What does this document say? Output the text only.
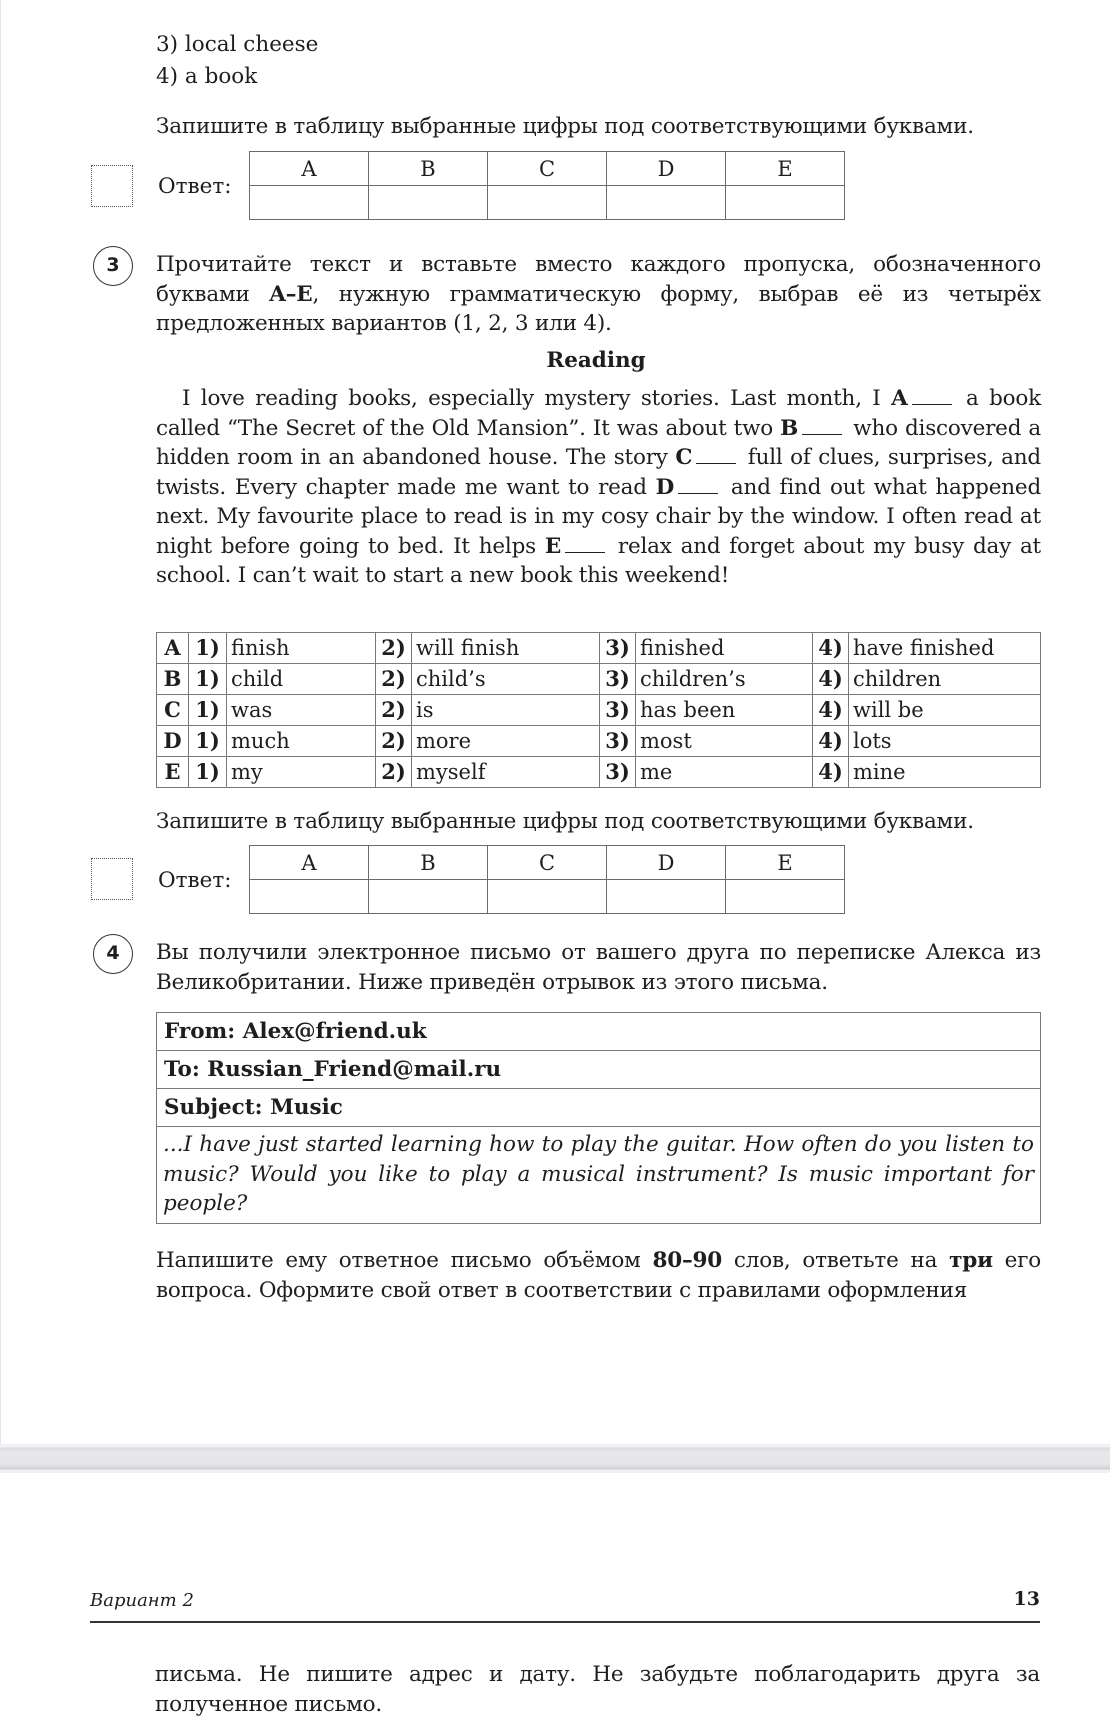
3) local cheese
4) a book
Запишите в таблицу выбранные цифры под соответствующими буквами.
Ответ:
A	B	C	D	E

3	Прочитайте текст и вставьте вместо каждого пропуска, обозначенного буквами A–E, нужную грамматическую форму, выбрав её из четырёх предложенных вариантов (1, 2, 3 или 4).
Reading
I love reading books, especially mystery stories. Last month, I A a book called “The Secret of the Old Mansion”. It was about two B who discovered a hidden room in an abandoned house. The story C full of clues, surprises, and twists. Every chapter made me want to read D and find out what happened next. My favourite place to read is in my cosy chair by the window. I often read at night before going to bed. It helps E relax and forget about my busy day at school. I can’t wait to start a new book this weekend!
A	1)	finish	2)	will finish	3)	finished	4)	have finished
B	1)	child	2)	child’s	3)	children’s	4)	children
C	1)	was	2)	is	3)	has been	4)	will be
D	1)	much	2)	more	3)	most	4)	lots
E	1)	my	2)	myself	3)	me	4)	mine
Запишите в таблицу выбранные цифры под соответствующими буквами.
Ответ:
A	B	C	D	E

4	Вы получили электронное письмо от вашего друга по переписке Алекса из Великобритании. Ниже приведён отрывок из этого письма.
From: Alex@friend.uk
To: Russian_Friend@mail.ru
Subject: Music
...I have just started learning how to play the guitar. How often do you listen to music? Would you like to play a musical instrument? Is music important for people?
Напишите ему ответное письмо объёмом 80–90 слов, ответьте на три его вопроса. Оформите свой ответ в соответствии с правилами оформления
Вариант 2	13
письма. Не пишите адрес и дату. Не забудьте поблагодарить друга за полученное письмо.
